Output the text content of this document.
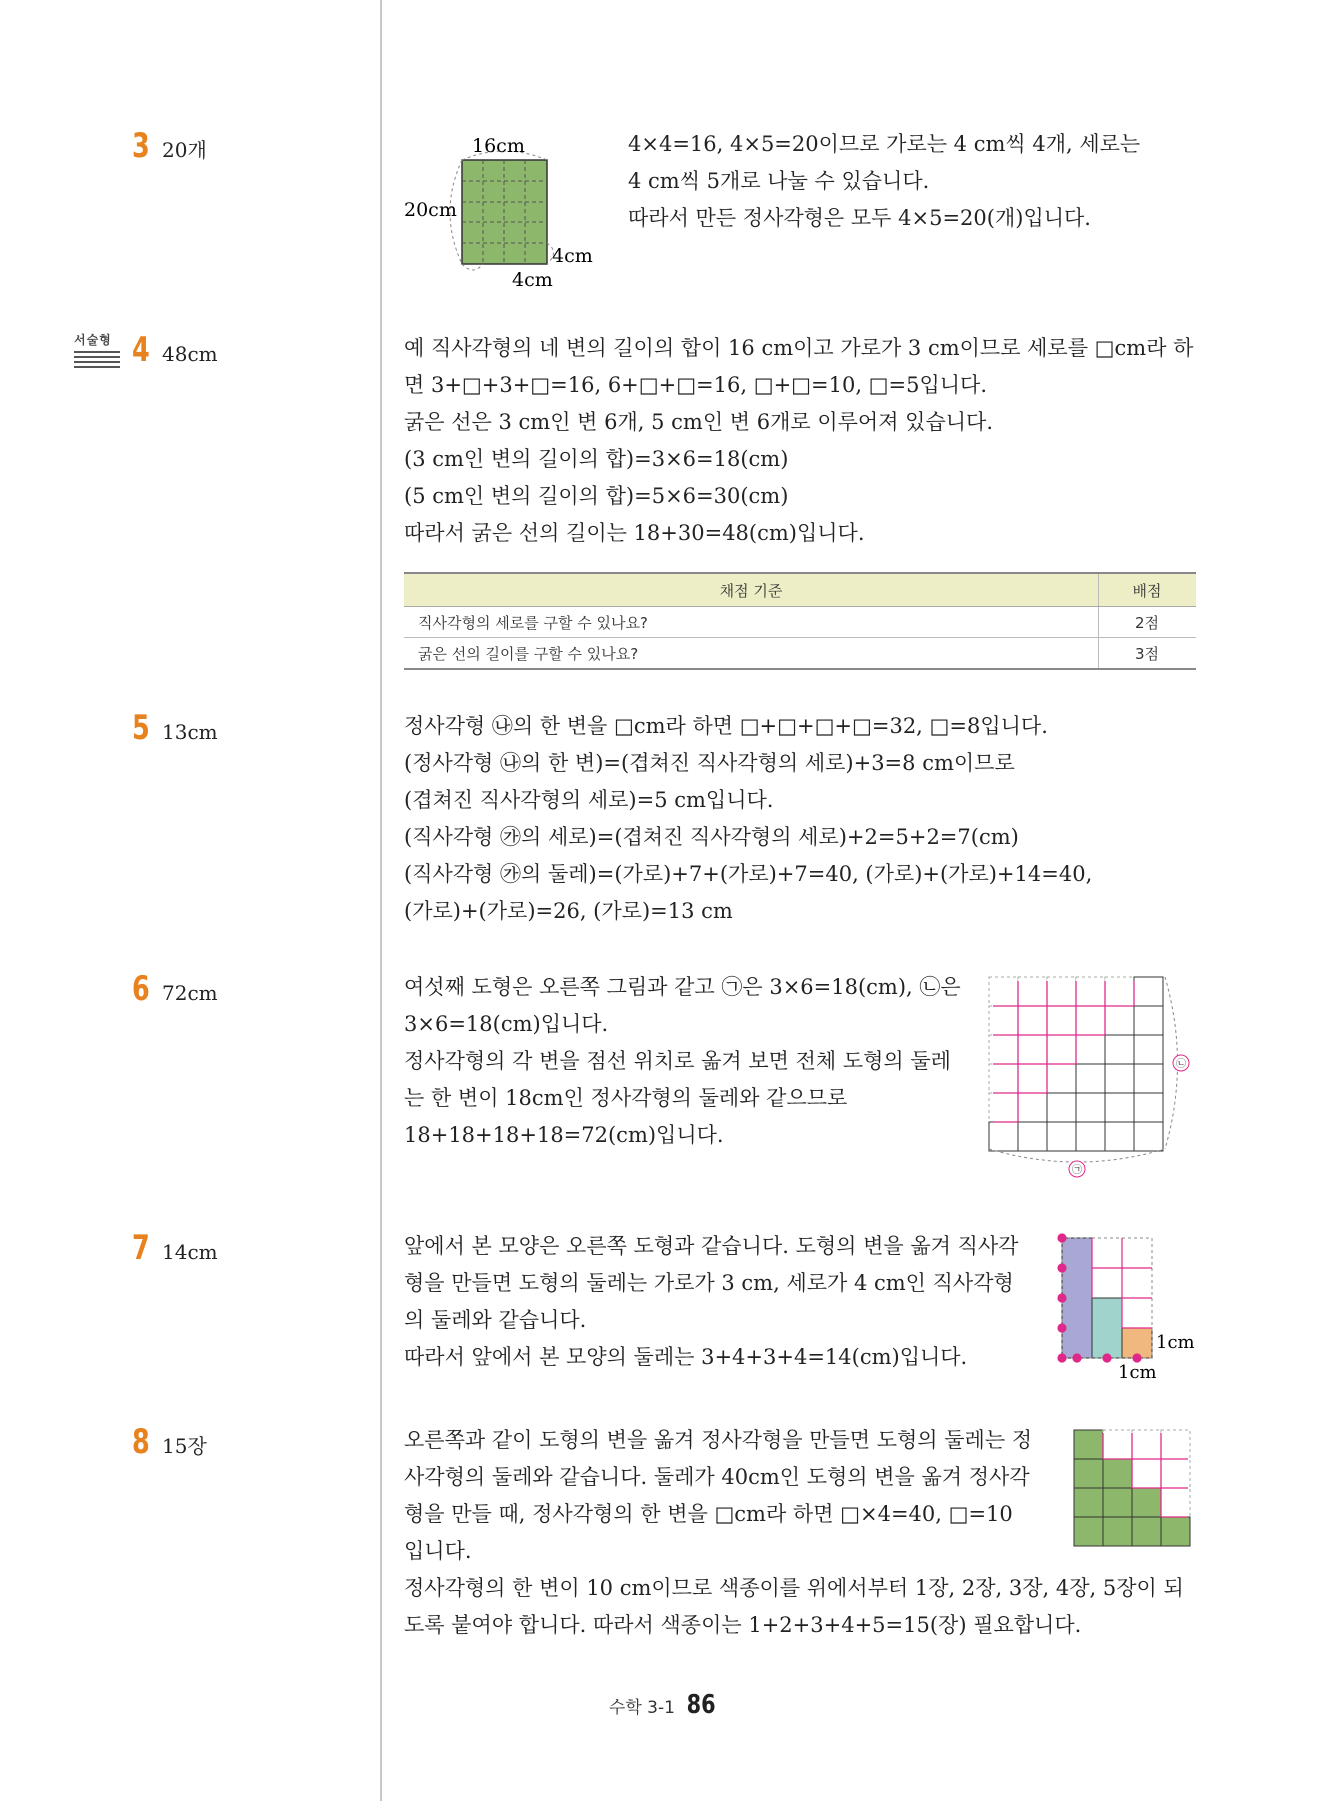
3 20개
서술형 4 48cm
5 13cm
6 72cm
7 14cm
8 15장
16cm
20cm
4cm
4cm

4×4=16, 4×5=20이므로 가로는 4 cm씩 4개, 세로는

4 cm씩 5개로 나눌 수 있습니다.

따라서 만든 정사각형은 모두 4×5=20(개)입니다.

예 직사각형의 네 변의 길이의 합이 16 cm이고 가로가 3 cm이므로 세로를 □cm라 하

면 3+□+3+□=16, 6+□+□=16, □+□=10, □=5입니다.

굵은 선은 3 cm인 변 6개, 5 cm인 변 6개로 이루어져 있습니다.

(3 cm인 변의 길이의 합)=3×6=18(cm)

(5 cm인 변의 길이의 합)=5×6=30(cm)

따라서 굵은 선의 길이는 18+30=48(cm)입니다.

채점 기준	배점
직사각형의 세로를 구할 수 있나요?	2점
굵은 선의 길이를 구할 수 있나요?	3점

정사각형 ㉯의 한 변을 □cm라 하면 □+□+□+□=32, □=8입니다.

(정사각형 ㉯의 한 변)=(겹쳐진 직사각형의 세로)+3=8 cm이므로

(겹쳐진 직사각형의 세로)=5 cm입니다.

(직사각형 ㉮의 세로)=(겹쳐진 직사각형의 세로)+2=5+2=7(cm)

(직사각형 ㉮의 둘레)=(가로)+7+(가로)+7=40, (가로)+(가로)+14=40,

(가로)+(가로)=26, (가로)=13 cm

여섯째 도형은 오른쪽 그림과 같고 ㉠은 3×6=18(cm), ㉡은

3×6=18(cm)입니다.

정사각형의 각 변을 점선 위치로 옮겨 보면 전체 도형의 둘레

는 한 변이 18cm인 정사각형의 둘레와 같으므로

18+18+18+18=72(cm)입니다.

㉠
㉡

앞에서 본 모양은 오른쪽 도형과 같습니다. 도형의 변을 옮겨 직사각

형을 만들면 도형의 둘레는 가로가 3 cm, 세로가 4 cm인 직사각형

의 둘레와 같습니다.

따라서 앞에서 본 모양의 둘레는 3+4+3+4=14(cm)입니다.

1cm
1cm

오른쪽과 같이 도형의 변을 옮겨 정사각형을 만들면 도형의 둘레는 정

사각형의 둘레와 같습니다. 둘레가 40cm인 도형의 변을 옮겨 정사각

형을 만들 때, 정사각형의 한 변을 □cm라 하면 □×4=40, □=10

입니다.

정사각형의 한 변이 10 cm이므로 색종이를 위에서부터 1장, 2장, 3장, 4장, 5장이 되

도록 붙여야 합니다. 따라서 색종이는 1+2+3+4+5=15(장) 필요합니다.

수학 3-1 86
